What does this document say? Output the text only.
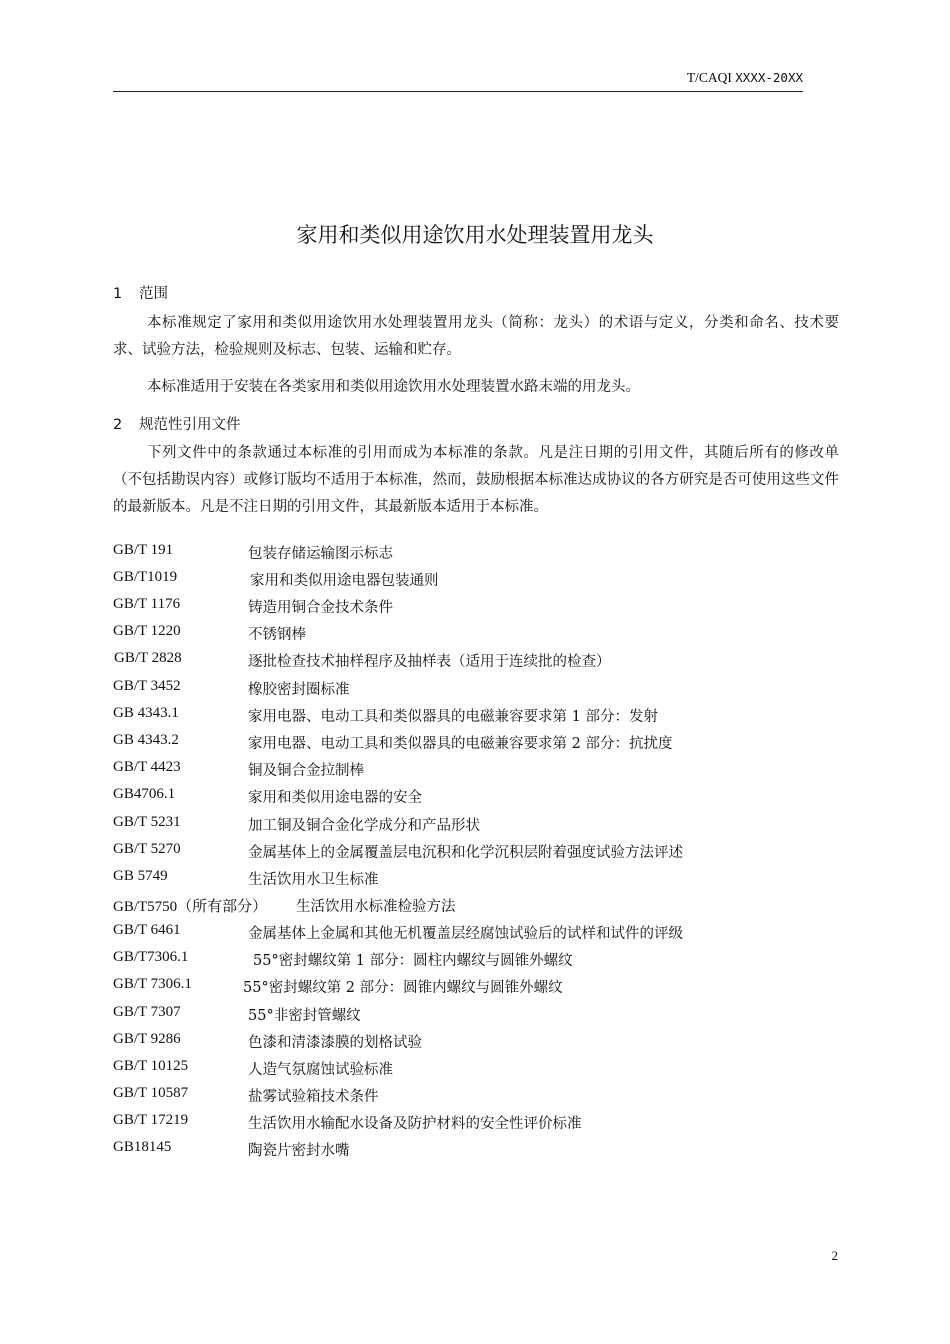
T/CAQI XXXX-20XX
家用和类似用途饮用水处理装置用龙头
1 范围
本标准规定了家用和类似用途饮用水处理装置用龙头（简称：龙头）的术语与定义，分类和命名、技术要求、试验方法，检验规则及标志、包装、运输和贮存。
本标准适用于安装在各类家用和类似用途饮用水处理装置水路末端的用龙头。
2 规范性引用文件
下列文件中的条款通过本标准的引用而成为本标准的条款。凡是注日期的引用文件，其随后所有的修改单（不包括勘误内容）或修订版均不适用于本标准，然而，鼓励根据本标准达成协议的各方研究是否可使用这些文件的最新版本。凡是不注日期的引用文件，其最新版本适用于本标准。
GB/T 191	包装存储运输图示标志
GB/T1019	家用和类似用途电器包装通则
GB/T 1176	铸造用铜合金技术条件
GB/T 1220	不锈钢棒
GB/T 2828	逐批检查技术抽样程序及抽样表（适用于连续批的检查）
GB/T 3452	橡胶密封圈标准
GB 4343.1	家用电器、电动工具和类似器具的电磁兼容要求第 1 部分：发射
GB 4343.2	家用电器、电动工具和类似器具的电磁兼容要求第 2 部分：抗扰度
GB/T 4423	铜及铜合金拉制棒
GB4706.1	家用和类似用途电器的安全
GB/T 5231	加工铜及铜合金化学成分和产品形状
GB/T 5270	金属基体上的金属覆盖层电沉积和化学沉积层附着强度试验方法评述
GB 5749	生活饮用水卫生标准
GB/T5750（所有部分） 生活饮用水标准检验方法
GB/T 6461	金属基体上金属和其他无机覆盖层经腐蚀试验后的试样和试件的评级
GB/T7306.1	55°密封螺纹第 1 部分：圆柱内螺纹与圆锥外螺纹
GB/T 7306.1	55°密封螺纹第 2 部分：圆锥内螺纹与圆锥外螺纹
GB/T 7307	55°非密封管螺纹
GB/T 9286	色漆和清漆漆膜的划格试验
GB/T 10125	人造气氛腐蚀试验标准
GB/T 10587	盐雾试验箱技术条件
GB/T 17219	生活饮用水输配水设备及防护材料的安全性评价标准
GB18145	陶瓷片密封水嘴
2
